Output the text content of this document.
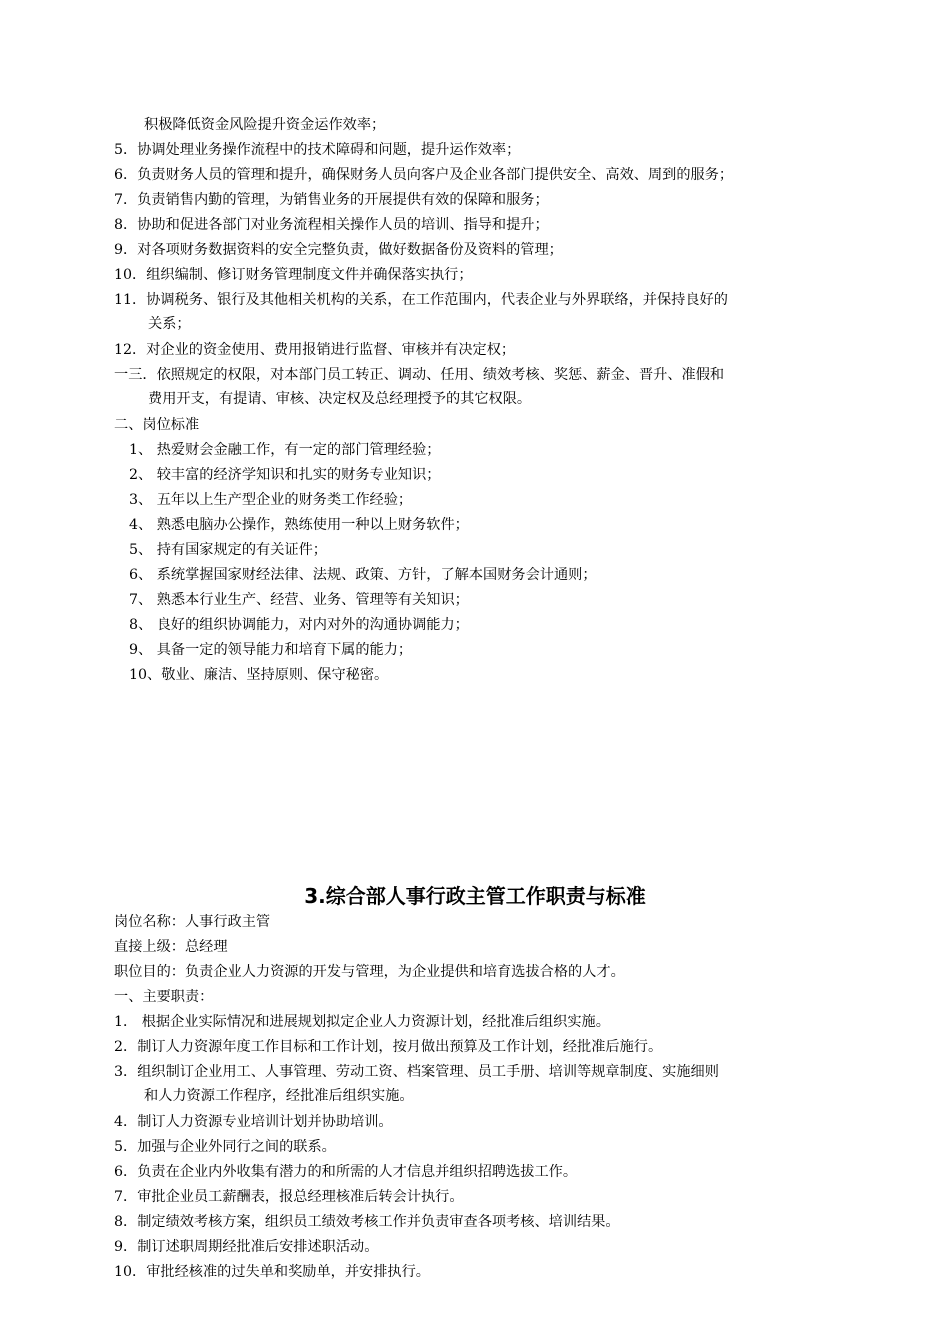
积极降低资金风险提升资金运作效率；
5．协调处理业务操作流程中的技术障碍和问题，提升运作效率；
6．负责财务人员的管理和提升，确保财务人员向客户及企业各部门提供安全、高效、周到的服务；
7．负责销售内勤的管理，为销售业务的开展提供有效的保障和服务；
8．协助和促进各部门对业务流程相关操作人员的培训、指导和提升；
9．对各项财务数据资料的安全完整负责，做好数据备份及资料的管理；
10．组织编制、修订财务管理制度文件并确保落实执行；
11．协调税务、银行及其他相关机构的关系，在工作范围内，代表企业与外界联络，并保持良好的
关系；
12．对企业的资金使用、费用报销进行监督、审核并有决定权；
一三．依照规定的权限，对本部门员工转正、调动、任用、绩效考核、奖惩、薪金、晋升、准假和
费用开支，有提请、审核、决定权及总经理授予的其它权限。
二、岗位标准
1、 热爱财会金融工作，有一定的部门管理经验；
2、 较丰富的经济学知识和扎实的财务专业知识；
3、 五年以上生产型企业的财务类工作经验；
4、 熟悉电脑办公操作，熟练使用一种以上财务软件；
5、 持有国家规定的有关证件；
6、 系统掌握国家财经法律、法规、政策、方针，了解本国财务会计通则；
7、 熟悉本行业生产、经营、业务、管理等有关知识；
8、 良好的组织协调能力，对内对外的沟通协调能力；
9、 具备一定的领导能力和培育下属的能力；
10、敬业、廉洁、坚持原则、保守秘密。
3.综合部人事行政主管工作职责与标准
岗位名称：人事行政主管
直接上级：总经理
职位目的：负责企业人力资源的开发与管理，为企业提供和培育选拔合格的人才。
一、主要职责：
1． 根据企业实际情况和进展规划拟定企业人力资源计划，经批准后组织实施。
2．制订人力资源年度工作目标和工作计划，按月做出预算及工作计划，经批准后施行。
3．组织制订企业用工、人事管理、劳动工资、档案管理、员工手册、培训等规章制度、实施细则
和人力资源工作程序，经批准后组织实施。
4．制订人力资源专业培训计划并协助培训。
5．加强与企业外同行之间的联系。
6．负责在企业内外收集有潜力的和所需的人才信息并组织招聘选拔工作。
7．审批企业员工薪酬表，报总经理核准后转会计执行。
8．制定绩效考核方案，组织员工绩效考核工作并负责审查各项考核、培训结果。
9．制订述职周期经批准后安排述职活动。
10．审批经核准的过失单和奖励单，并安排执行。
